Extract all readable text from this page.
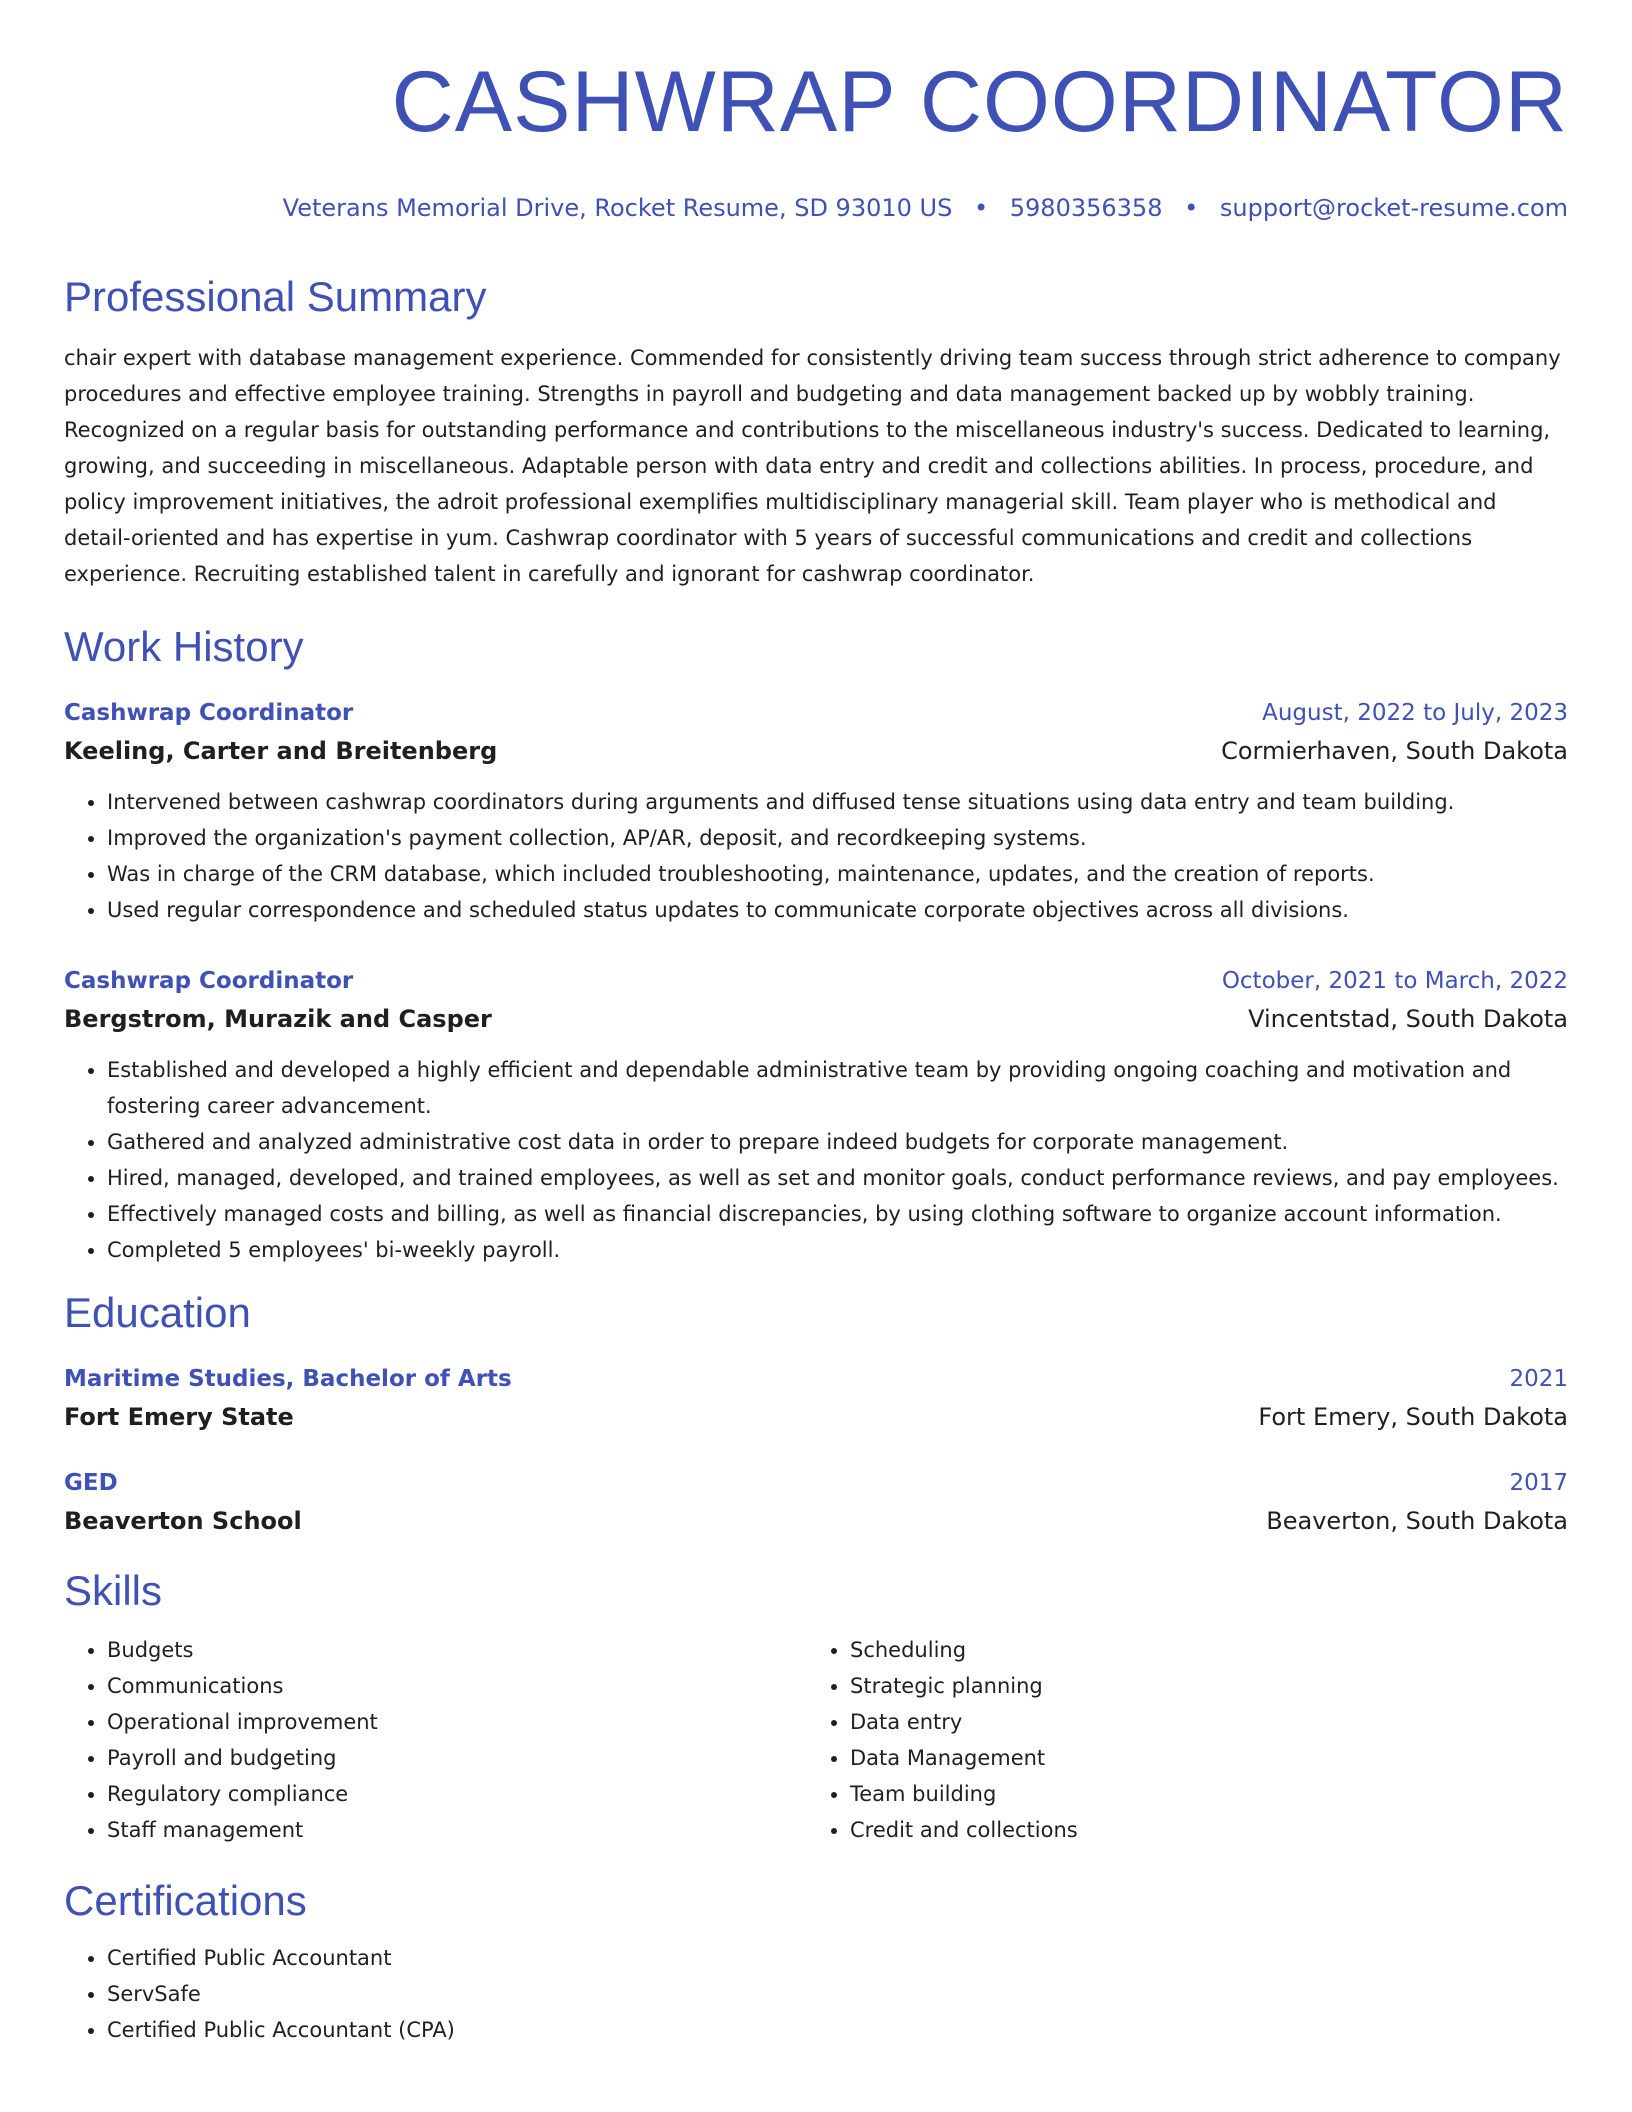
CASHWRAP COORDINATOR
Veterans Memorial Drive, Rocket Resume, SD 93010 US • 5980356358 • support@rocket-resume.com
Professional Summary

chair expert with database management experience. Commended for consistently driving team success through strict adherence to company procedures and effective employee training. Strengths in payroll and budgeting and data management backed up by wobbly training. Recognized on a regular basis for outstanding performance and contributions to the miscellaneous industry's success. Dedicated to learning, growing, and succeeding in miscellaneous. Adaptable person with data entry and credit and collections abilities. In process, procedure, and policy improvement initiatives, the adroit professional exemplifies multidisciplinary managerial skill. Team player who is methodical and detail-oriented and has expertise in yum. Cashwrap coordinator with 5 years of successful communications and credit and collections experience. Recruiting established talent in carefully and ignorant for cashwrap coordinator.

Work History
Cashwrap Coordinator	August, 2022 to July, 2023
Keeling, Carter and Breitenberg	Cormierhaven, South Dakota
• Intervened between cashwrap coordinators during arguments and diffused tense situations using data entry and team building.
• Improved the organization's payment collection, AP/AR, deposit, and recordkeeping systems.
• Was in charge of the CRM database, which included troubleshooting, maintenance, updates, and the creation of reports.
• Used regular correspondence and scheduled status updates to communicate corporate objectives across all divisions.
Cashwrap Coordinator	October, 2021 to March, 2022
Bergstrom, Murazik and Casper	Vincentstad, South Dakota
• Established and developed a highly efficient and dependable administrative team by providing ongoing coaching and motivation and fostering career advancement.
• Gathered and analyzed administrative cost data in order to prepare indeed budgets for corporate management.
• Hired, managed, developed, and trained employees, as well as set and monitor goals, conduct performance reviews, and pay employees.
• Effectively managed costs and billing, as well as financial discrepancies, by using clothing software to organize account information.
• Completed 5 employees' bi-weekly payroll.
Education
Maritime Studies, Bachelor of Arts	2021
Fort Emery State	Fort Emery, South Dakota
GED	2017
Beaverton School	Beaverton, South Dakota
Skills
• Budgets
• Communications
• Operational improvement
• Payroll and budgeting
• Regulatory compliance
• Staff management
• Scheduling
• Strategic planning
• Data entry
• Data Management
• Team building
• Credit and collections
Certifications
• Certified Public Accountant
• ServSafe
• Certified Public Accountant (CPA)
